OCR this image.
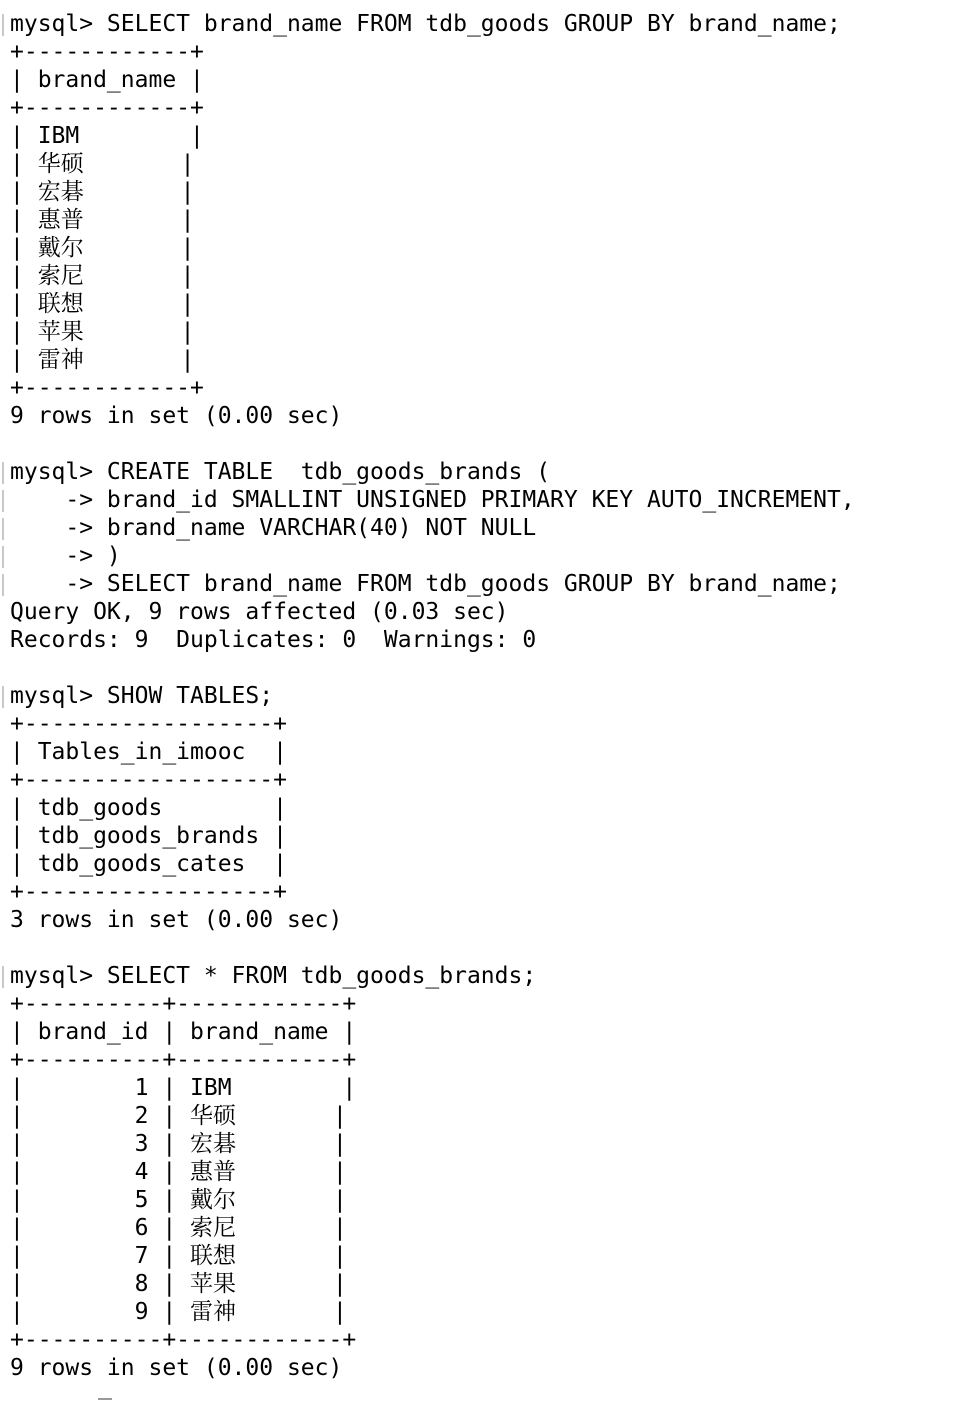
mysql> SELECT brand_name FROM tdb_goods GROUP BY brand_name;
+------------+
| brand_name |
+------------+
| IBM        |
| 华硕       |
| 宏碁       |
| 惠普       |
| 戴尔       |
| 索尼       |
| 联想       |
| 苹果       |
| 雷神       |
+------------+
9 rows in set (0.00 sec)
mysql> CREATE TABLE  tdb_goods_brands (
-> brand_id SMALLINT UNSIGNED PRIMARY KEY AUTO_INCREMENT,
-> brand_name VARCHAR(40) NOT NULL
-> )
-> SELECT brand_name FROM tdb_goods GROUP BY brand_name;
Query OK, 9 rows affected (0.03 sec)
Records: 9  Duplicates: 0  Warnings: 0
mysql> SHOW TABLES;
+------------------+
| Tables_in_imooc  |
+------------------+
| tdb_goods        |
| tdb_goods_brands |
| tdb_goods_cates  |
+------------------+
3 rows in set (0.00 sec)
mysql> SELECT * FROM tdb_goods_brands;
+----------+------------+
| brand_id | brand_name |
+----------+------------+
|        1 | IBM        |
|        2 | 华硕       |
|        3 | 宏碁       |
|        4 | 惠普       |
|        5 | 戴尔       |
|        6 | 索尼       |
|        7 | 联想       |
|        8 | 苹果       |
|        9 | 雷神       |
+----------+------------+
9 rows in set (0.00 sec)
